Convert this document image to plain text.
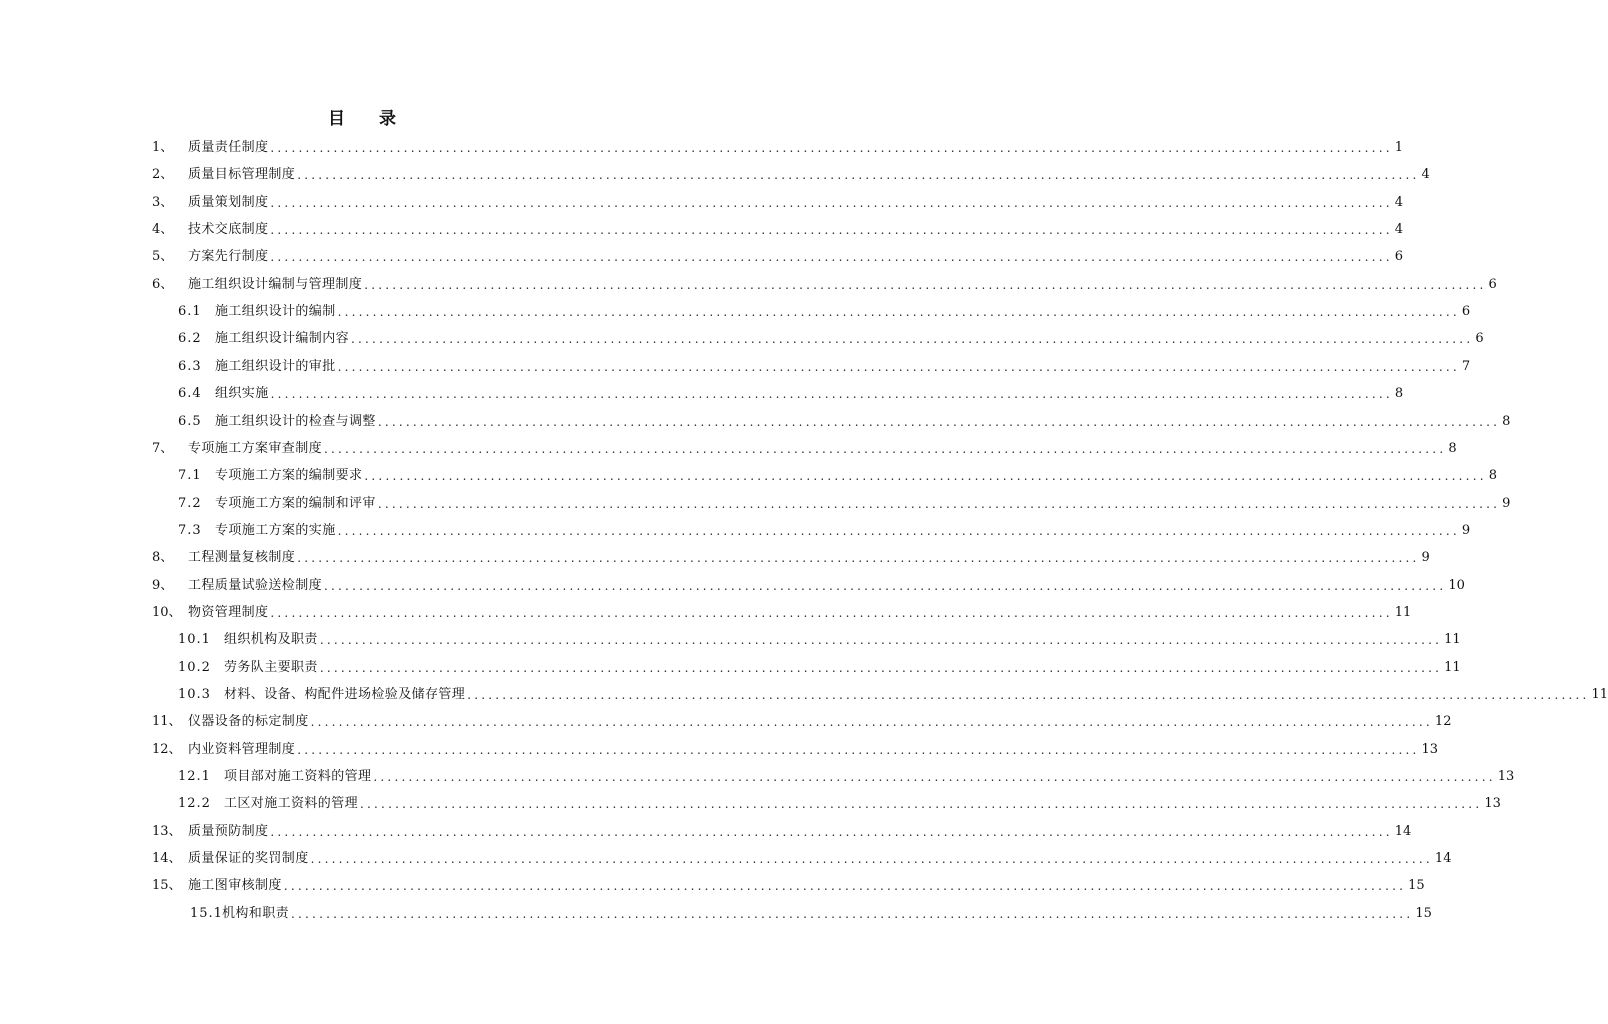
目 录
1、	质量责任制度 ................................................................................................................................................................ 1
2、	质量目标管理制度 ................................................................................................................................................................ 4
3、	质量策划制度 ................................................................................................................................................................ 4
4、	技术交底制度 ................................................................................................................................................................ 4
5、	方案先行制度 ................................................................................................................................................................ 6
6、	施工组织设计编制与管理制度 ................................................................................................................................................................ 6
6.1	施工组织设计的编制 ................................................................................................................................................................ 6
6.2	施工组织设计编制内容 ................................................................................................................................................................ 6
6.3	施工组织设计的审批 ................................................................................................................................................................ 7
6.4	组织实施 ................................................................................................................................................................ 8
6.5	施工组织设计的检查与调整 ................................................................................................................................................................ 8
7、	专项施工方案审查制度 ................................................................................................................................................................ 8
7.1	专项施工方案的编制要求 ................................................................................................................................................................ 8
7.2	专项施工方案的编制和评审 ................................................................................................................................................................ 9
7.3	专项施工方案的实施 ................................................................................................................................................................ 9
8、	工程测量复核制度 ................................................................................................................................................................ 9
9、	工程质量试验送检制度 ................................................................................................................................................................ 10
10、 物资管理制度 ................................................................................................................................................................ 11
10.1	组织机构及职责 ................................................................................................................................................................ 11
10.2	劳务队主要职责 ................................................................................................................................................................ 11
10.3	材料、设备、构配件进场检验及储存管理 ................................................................................................................................................................ 11
11、 仪器设备的标定制度 ................................................................................................................................................................ 12
12、 内业资料管理制度 ................................................................................................................................................................ 13
12.1	项目部对施工资料的管理 ................................................................................................................................................................ 13
12.2	工区对施工资料的管理 ................................................................................................................................................................ 13
13、 质量预防制度 ................................................................................................................................................................ 14
14、 质量保证的奖罚制度 ................................................................................................................................................................ 14
15、 施工图审核制度 ................................................................................................................................................................ 15
15.1 机构和职责 ................................................................................................................................................................ 15
